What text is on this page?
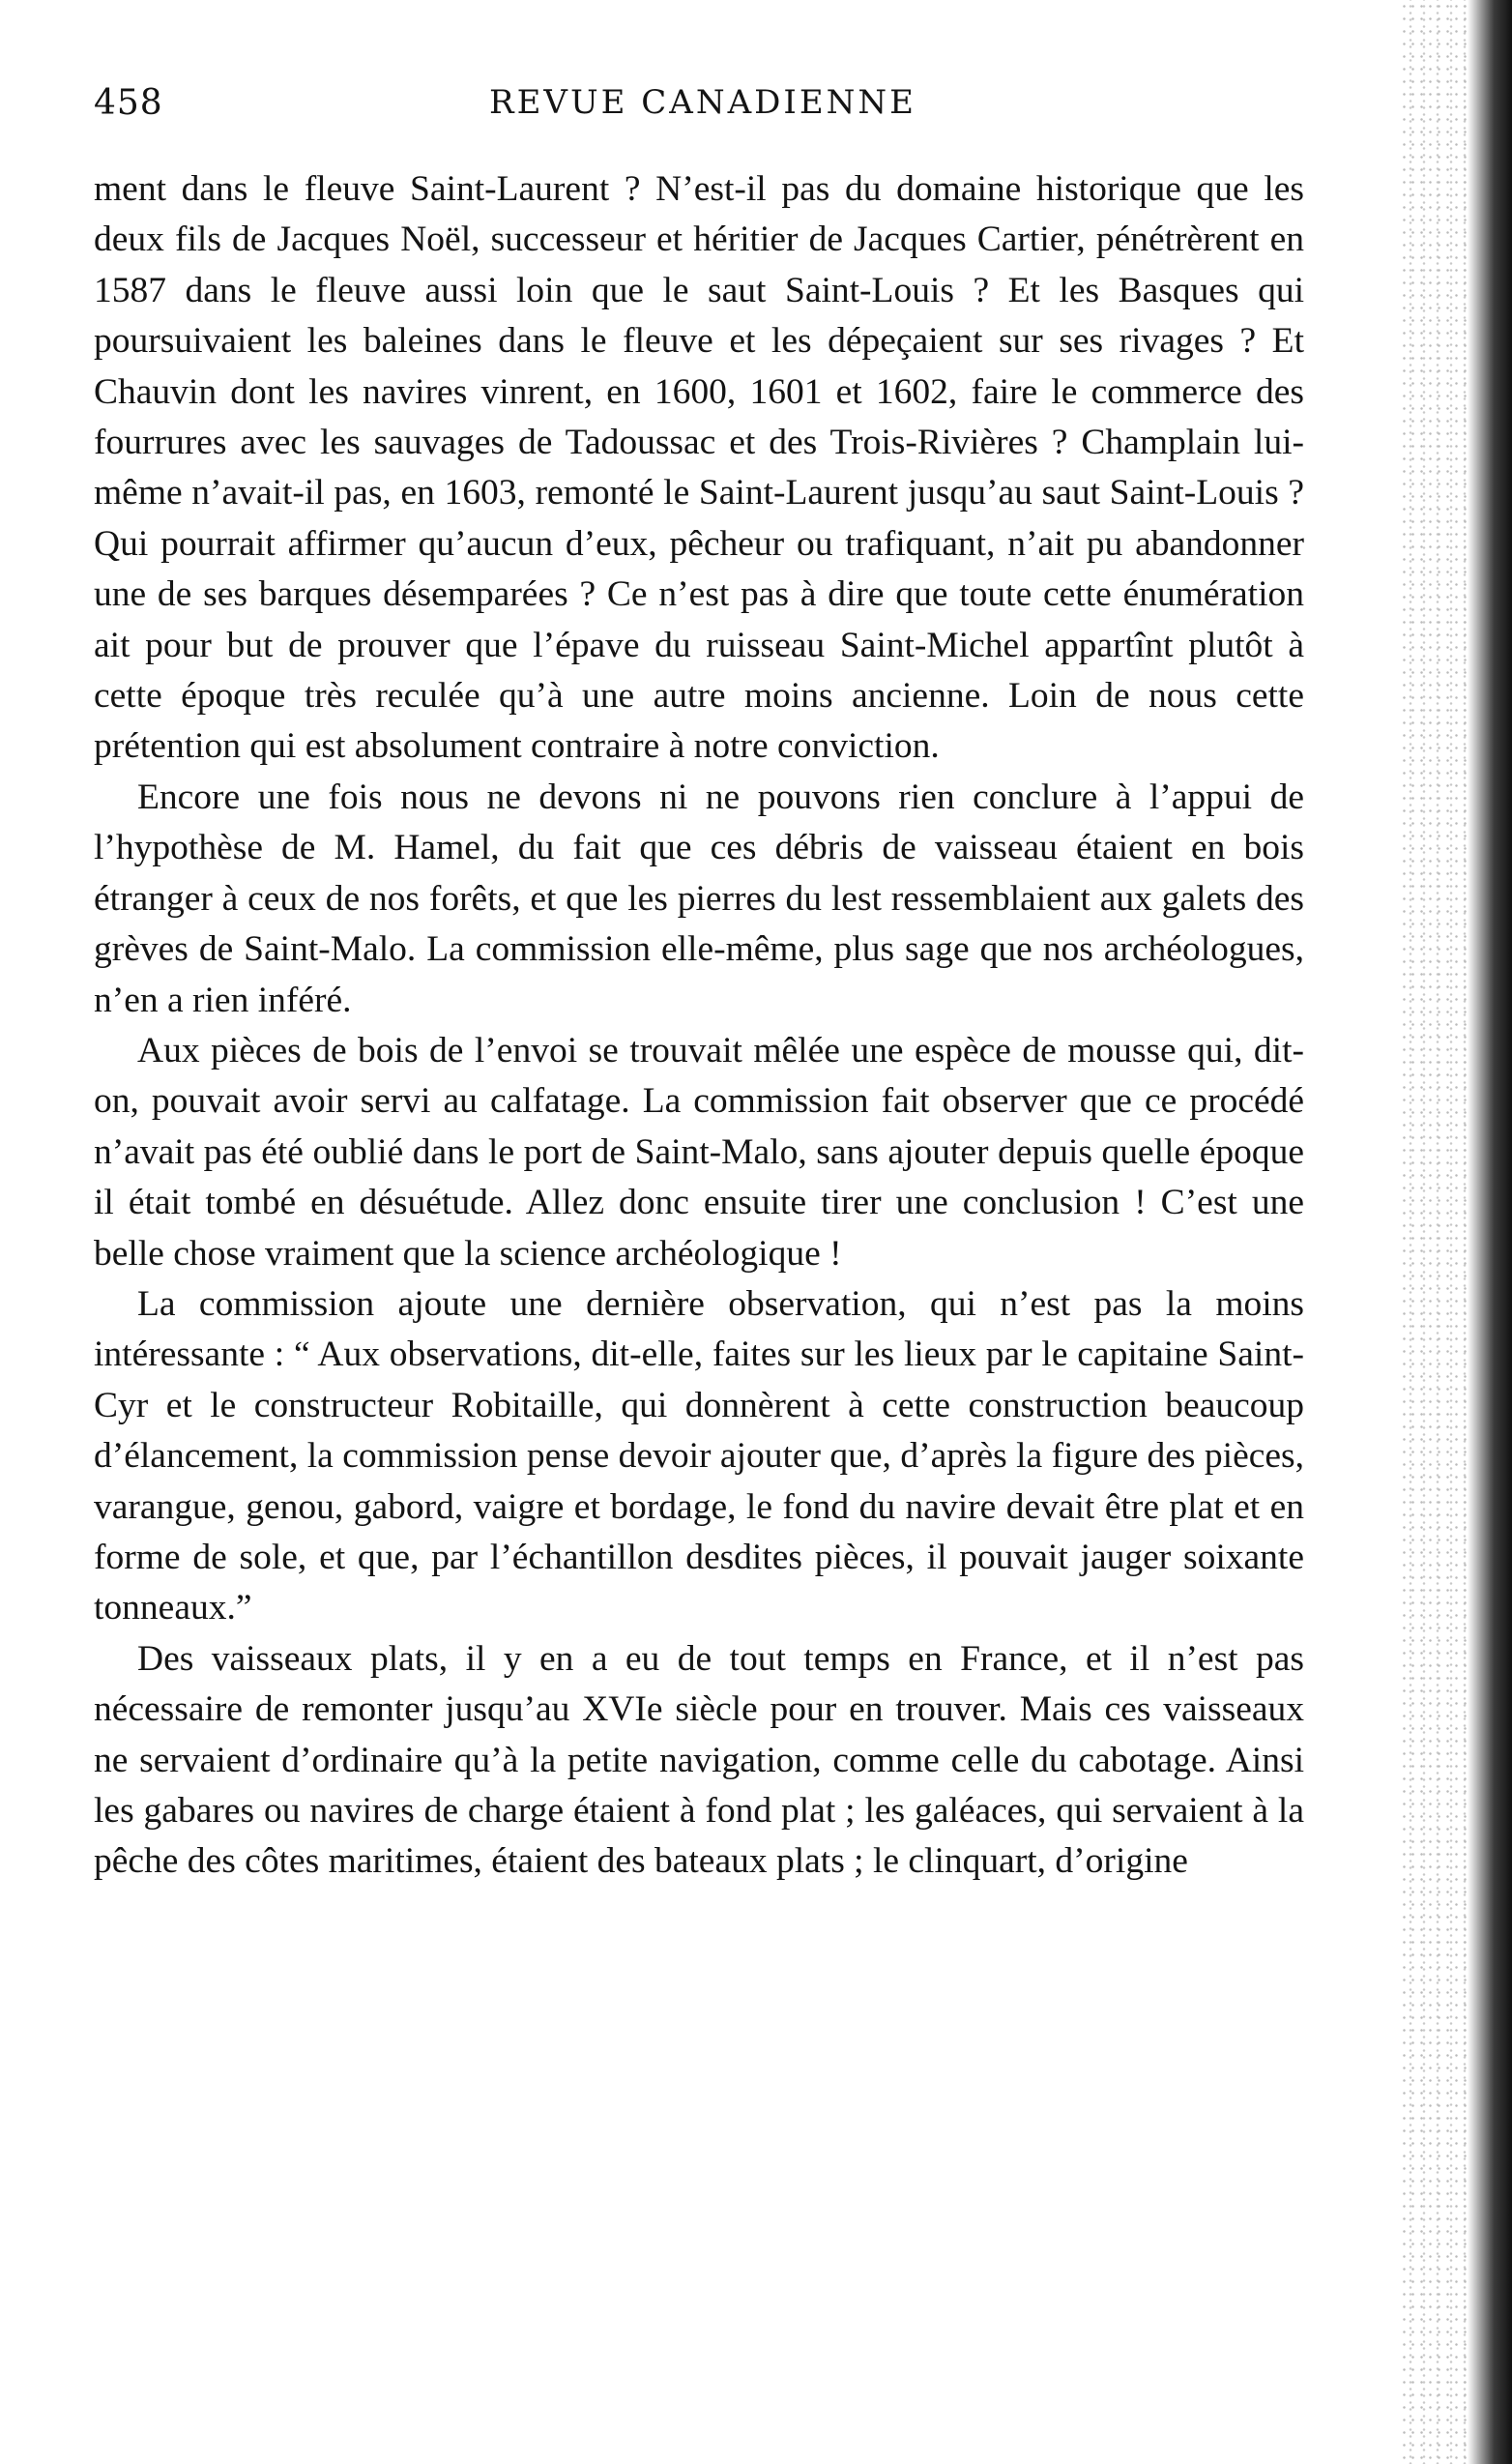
458	REVUE CANADIENNE

ment dans le fleuve Saint-Laurent ? N’est-il pas du domaine historique que les deux fils de Jacques Noël, successeur et héritier de Jacques Cartier, pénétrèrent en 1587 dans le fleuve aussi loin que le saut Saint-Louis ? Et les Basques qui poursuivaient les baleines dans le fleuve et les dépeçaient sur ses rivages ? Et Chauvin dont les navires vinrent, en 1600, 1601 et 1602, faire le commerce des fourrures avec les sauvages de Tadoussac et des Trois-Rivières ? Champlain lui-même n’avait-il pas, en 1603, remonté le Saint-Laurent jusqu’au saut Saint-Louis ? Qui pourrait affirmer qu’aucun d’eux, pêcheur ou trafiquant, n’ait pu abandonner une de ses barques désemparées ? Ce n’est pas à dire que toute cette énumération ait pour but de prouver que l’épave du ruisseau Saint-Michel appartînt plutôt à cette époque très reculée qu’à une autre moins ancienne. Loin de nous cette prétention qui est absolument contraire à notre conviction.

Encore une fois nous ne devons ni ne pouvons rien conclure à l’appui de l’hypothèse de M. Hamel, du fait que ces débris de vaisseau étaient en bois étranger à ceux de nos forêts, et que les pierres du lest ressemblaient aux galets des grèves de Saint-Malo. La commission elle-même, plus sage que nos archéologues, n’en a rien inféré.

Aux pièces de bois de l’envoi se trouvait mêlée une espèce de mousse qui, dit-on, pouvait avoir servi au calfatage. La commission fait observer que ce procédé n’avait pas été oublié dans le port de Saint-Malo, sans ajouter depuis quelle époque il était tombé en désuétude. Allez donc ensuite tirer une conclusion ! C’est une belle chose vraiment que la science archéologique !

La commission ajoute une dernière observation, qui n’est pas la moins intéressante : “ Aux observations, dit-elle, faites sur les lieux par le capitaine Saint-Cyr et le constructeur Robitaille, qui donnèrent à cette construction beaucoup d’élancement, la commission pense devoir ajouter que, d’après la figure des pièces, varangue, genou, gabord, vaigre et bordage, le fond du navire devait être plat et en forme de sole, et que, par l’échantillon desdites pièces, il pouvait jauger soixante tonneaux.”

Des vaisseaux plats, il y en a eu de tout temps en France, et il n’est pas nécessaire de remonter jusqu’au XVIe siècle pour en trouver. Mais ces vaisseaux ne servaient d’ordinaire qu’à la petite navigation, comme celle du cabotage. Ainsi les gabares ou navires de charge étaient à fond plat ; les galéaces, qui servaient à la pêche des côtes maritimes, étaient des bateaux plats ; le clinquart, d’origine
